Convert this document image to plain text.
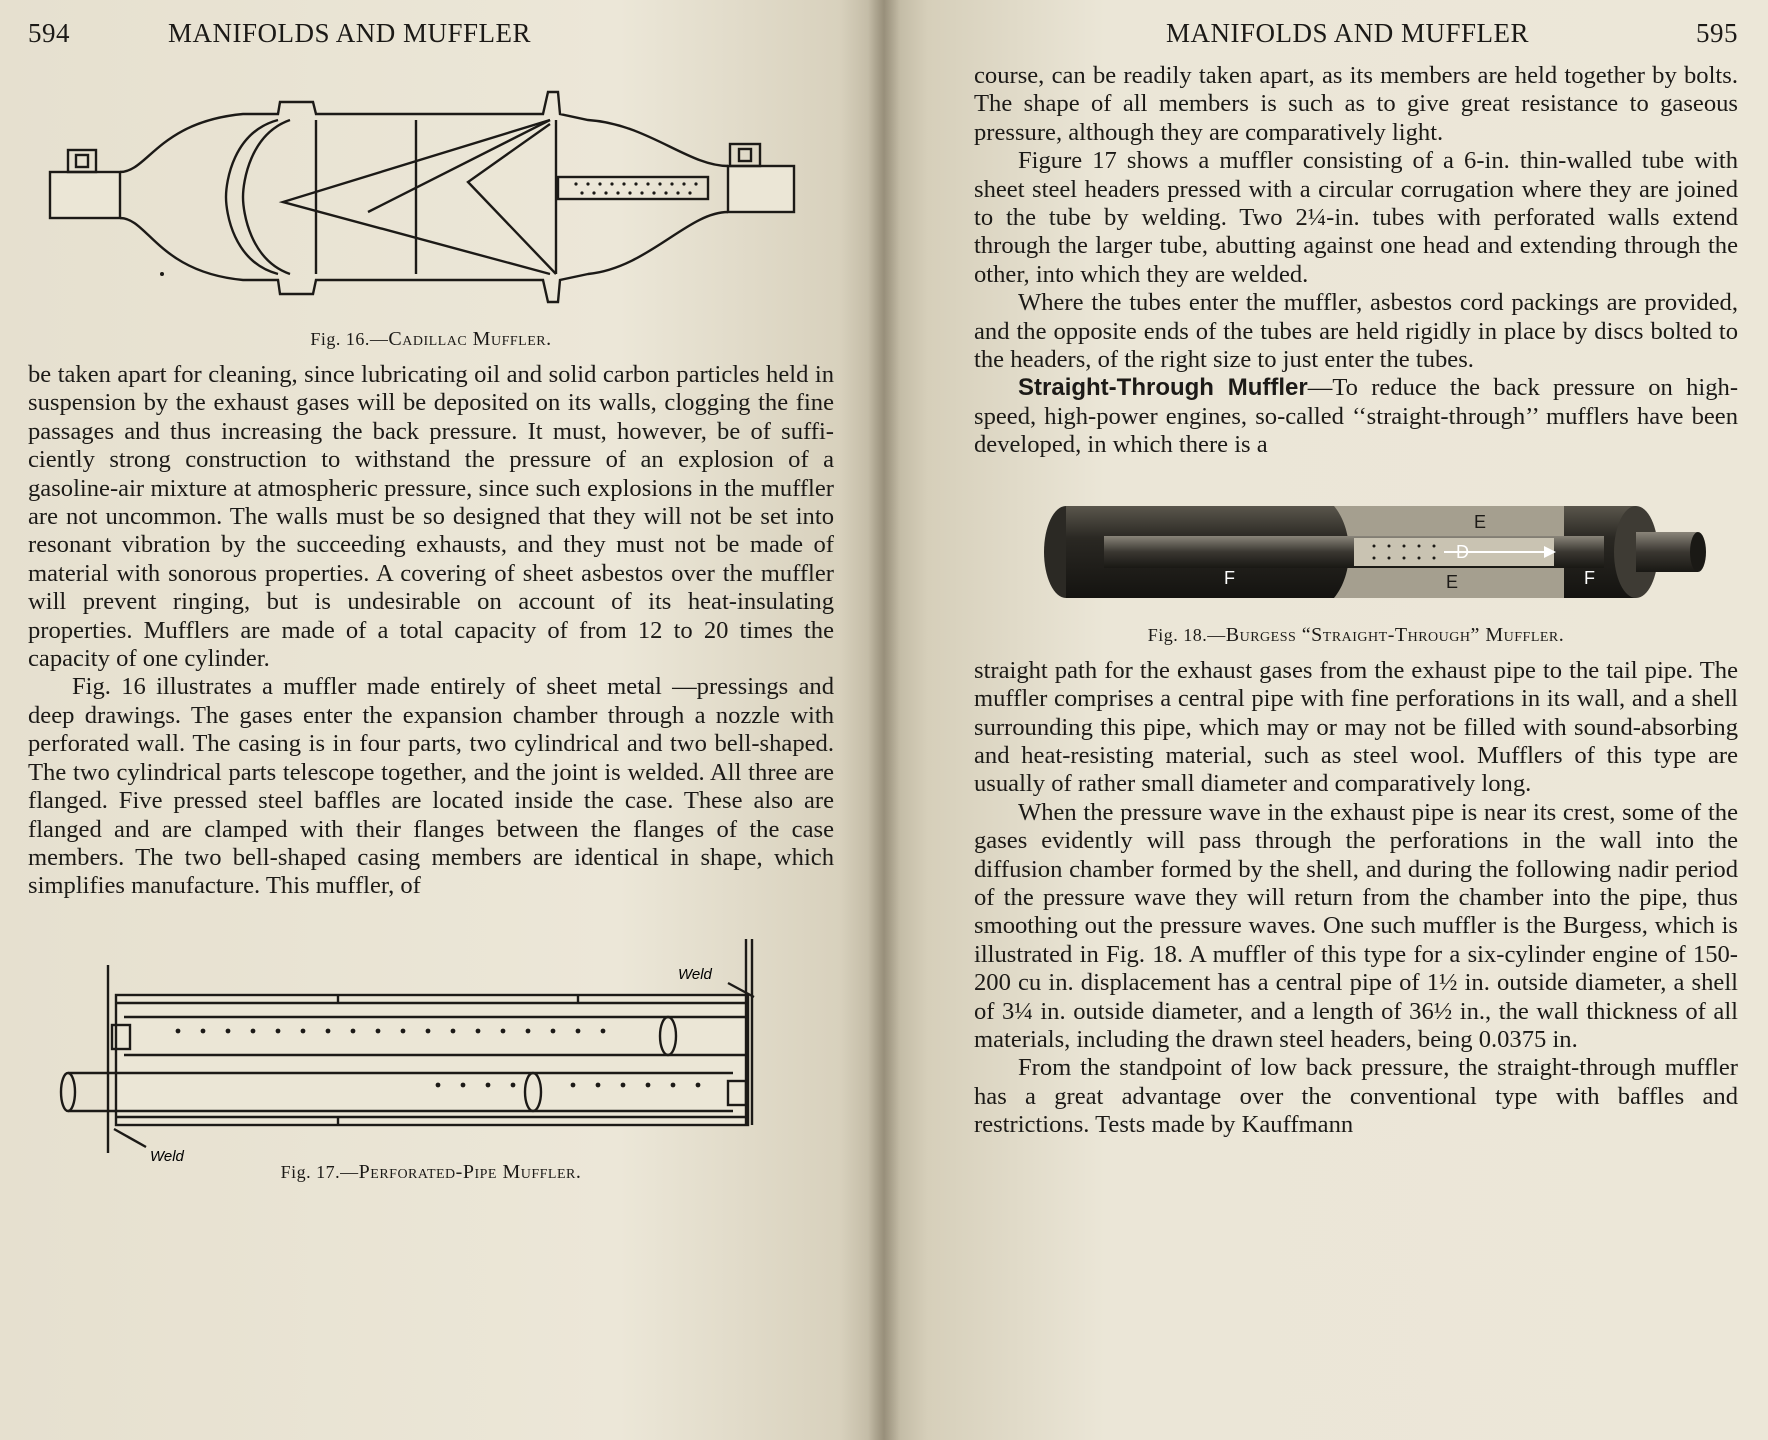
594	MANIFOLDS AND MUFFLER
Fig. 16.—Cadillac Muffler.

be taken apart for cleaning, since lubricating oil and solid carbon particles held in suspension by the exhaust gases will be deposited on its walls, clogging the fine passages and thus increasing the back pressure. It must, however, be of sufficiently strong construction to withstand the pressure of an explosion of a gasoline-air mixture at atmospheric pressure, since such explosions in the muffler are not uncommon. The walls must be so designed that they will not be set into resonant vibration by the succeeding exhausts, and they must not be made of material with sonorous properties. A covering of sheet asbestos over the muffler will prevent ringing, but is undesirable on account of its heat-insulating properties. Mufflers are made of a total capacity of from 12 to 20 times the capacity of one cylinder.

Fig. 16 illustrates a muffler made entirely of sheet metal —pressings and deep drawings. The gases enter the expansion chamber through a nozzle with perforated wall. The casing is in four parts, two cylindrical and two bell-shaped. The two cylindrical parts telescope together, and the joint is welded. All three are flanged. Five pressed steel baffles are located inside the case. These also are flanged and are clamped with their flanges between the flanges of the case members. The two bell-shaped casing members are identical in shape, which simplifies manufacture. This muffler, of

Weld
Weld
Fig. 17.—Perforated-Pipe Muffler.
MANIFOLDS AND MUFFLER	595

course, can be readily taken apart, as its members are held together by bolts. The shape of all members is such as to give great resistance to gaseous pressure, although they are comparatively light.

Figure 17 shows a muffler consisting of a 6-in. thin-walled tube with sheet steel headers pressed with a circular corrugation where they are joined to the tube by welding. Two 2¼-in. tubes with perforated walls extend through the larger tube, abutting against one head and extending through the other, into which they are welded.

Where the tubes enter the muffler, asbestos cord packings are provided, and the opposite ends of the tubes are held rigidly in place by discs bolted to the headers, of the right size to just enter the tubes.

Straight-Through Muffler—To reduce the back pressure on high-speed, high-power engines, so-called ‘‘straight-through’’ mufflers have been developed, in which there is a

E
D
E
F	F
Fig. 18.—Burgess “Straight-Through” Muffler.

straight path for the exhaust gases from the exhaust pipe to the tail pipe. The muffler comprises a central pipe with fine perforations in its wall, and a shell surrounding this pipe, which may or may not be filled with sound-absorbing and heat-resisting material, such as steel wool. Mufflers of this type are usually of rather small diameter and comparatively long.

When the pressure wave in the exhaust pipe is near its crest, some of the gases evidently will pass through the perforations in the wall into the diffusion chamber formed by the shell, and during the following nadir period of the pressure wave they will return from the chamber into the pipe, thus smoothing out the pressure waves. One such muffler is the Burgess, which is illustrated in Fig. 18. A muffler of this type for a six-cylinder engine of 150-200 cu in. displacement has a central pipe of 1½ in. outside diameter, a shell of 3¼ in. outside diameter, and a length of 36½ in., the wall thickness of all materials, including the drawn steel headers, being 0.0375 in.

From the standpoint of low back pressure, the straight-through muffler has a great advantage over the conventional type with baffles and restrictions. Tests made by Kauffmann
